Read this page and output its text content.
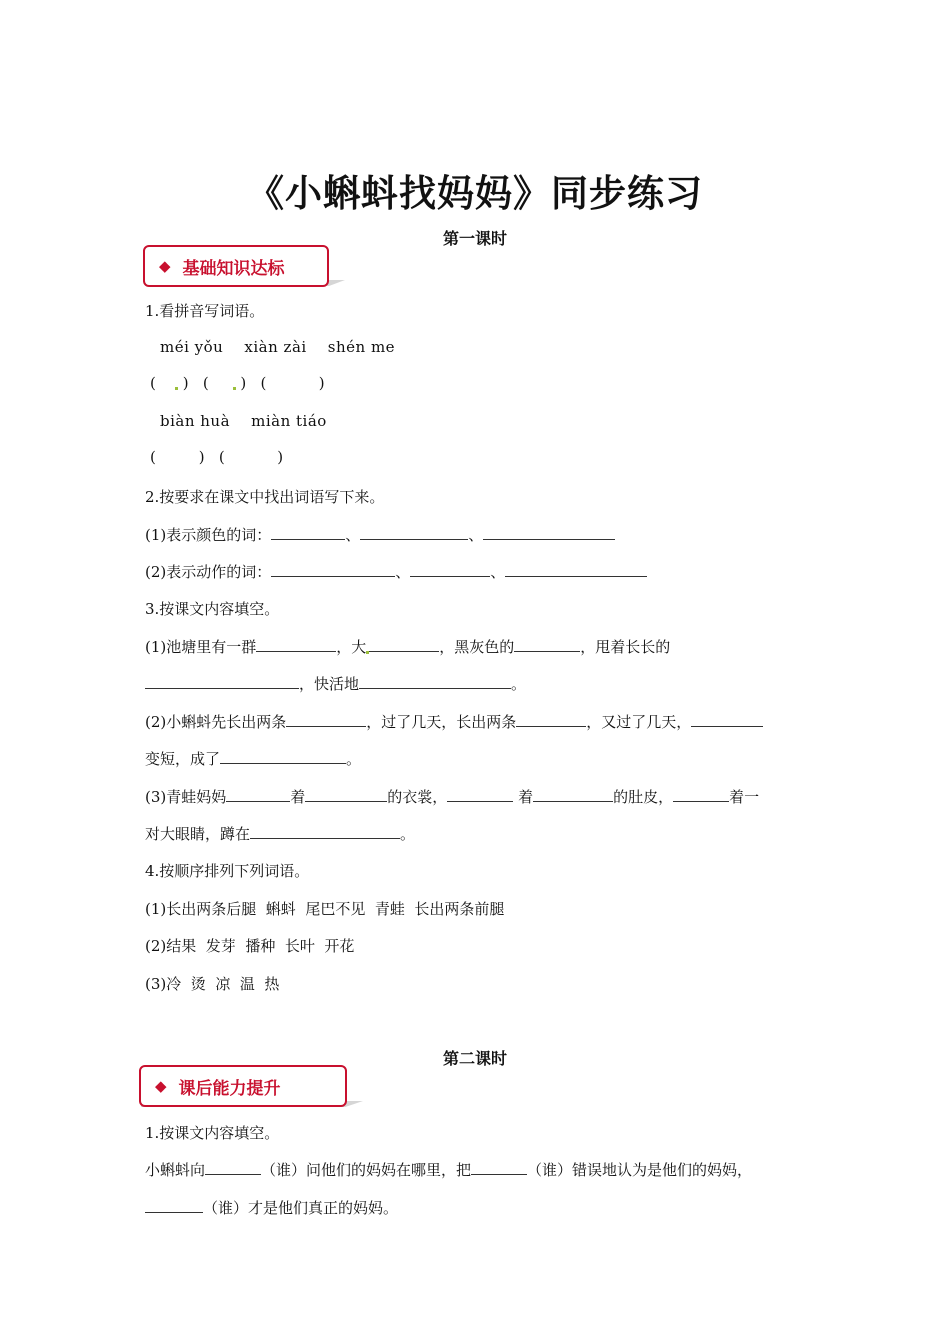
《小蝌蚪找妈妈》同步练习
第一课时
◆ 基础知识达标
1.看拼音写词语。
méi yǒu xiàn zài shén me
(     )   (      )   (           )
biàn huà miàn tiáo
(         )   (           )
2.按要求在课文中找出词语写下来。
(1)表示颜色的词：	、	、
(2)表示动作的词：	、	、
3.按课文内容填空。
(1)池塘里有一群	，大	，黑灰色的	，甩着长长的
，快活地	。
(2)小蝌蚪先长出两条	，过了几天，长出两条	，又过了几天，
变短，成了	。
(3)青蛙妈妈	着	的衣裳，	着	的肚皮，	着一
对大眼睛，蹲在	。
4.按顺序排列下列词语。
(1)长出两条后腿  蝌蚪  尾巴不见  青蛙  长出两条前腿
(2)结果  发芽  播种  长叶  开花
(3)冷  烫  凉  温  热
第二课时
◆ 课后能力提升
1.按课文内容填空。
小蝌蚪向	（谁）问他们的妈妈在哪里，把	（谁）错误地认为是他们的妈妈，
（谁）才是他们真正的妈妈。
